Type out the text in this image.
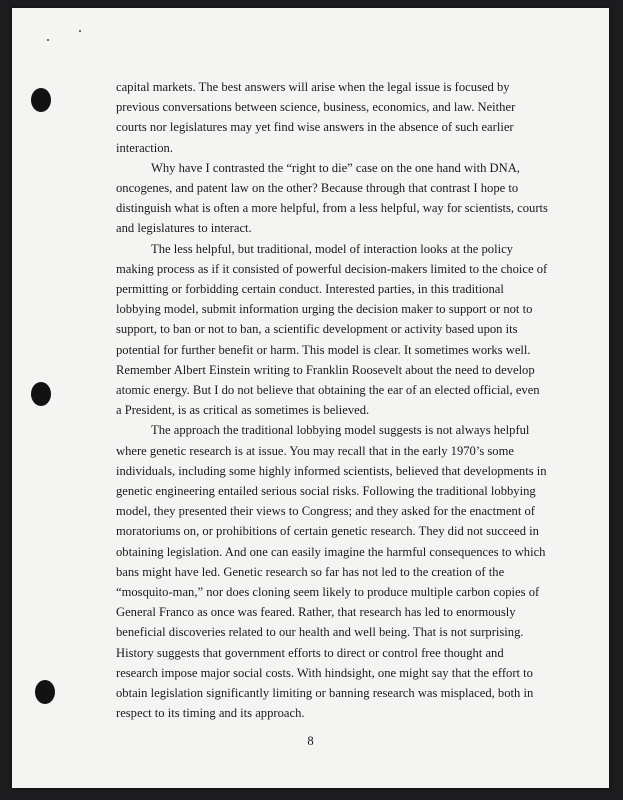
capital markets. The best answers will arise when the legal issue is focused by previous conversations between science, business, economics, and law. Neither courts nor legislatures may yet find wise answers in the absence of such earlier interaction.

Why have I contrasted the “right to die” case on the one hand with DNA, oncogenes, and patent law on the other? Because through that contrast I hope to distinguish what is often a more helpful, from a less helpful, way for scientists, courts and legislatures to interact.

The less helpful, but traditional, model of interaction looks at the policy making process as if it consisted of powerful decision-makers limited to the choice of permitting or forbidding certain conduct. Interested parties, in this traditional lobbying model, submit information urging the decision maker to support or not to support, to ban or not to ban, a scientific development or activity based upon its potential for further benefit or harm. This model is clear. It sometimes works well. Remember Albert Einstein writing to Franklin Roosevelt about the need to develop atomic energy. But I do not believe that obtaining the ear of an elected official, even a President, is as critical as sometimes is believed.

The approach the traditional lobbying model suggests is not always helpful where genetic research is at issue. You may recall that in the early 1970’s some individuals, including some highly informed scientists, believed that developments in genetic engineering entailed serious social risks. Following the traditional lobbying model, they presented their views to Congress; and they asked for the enactment of moratoriums on, or prohibitions of certain genetic research. They did not succeed in obtaining legislation. And one can easily imagine the harmful consequences to which bans might have led. Genetic research so far has not led to the creation of the “mosquito-man,” nor does cloning seem likely to produce multiple carbon copies of General Franco as once was feared. Rather, that research has led to enormously beneficial discoveries related to our health and well being. That is not surprising. History suggests that government efforts to direct or control free thought and research impose major social costs. With hindsight, one might say that the effort to obtain legislation significantly limiting or banning research was misplaced, both in respect to its timing and its approach.

8
